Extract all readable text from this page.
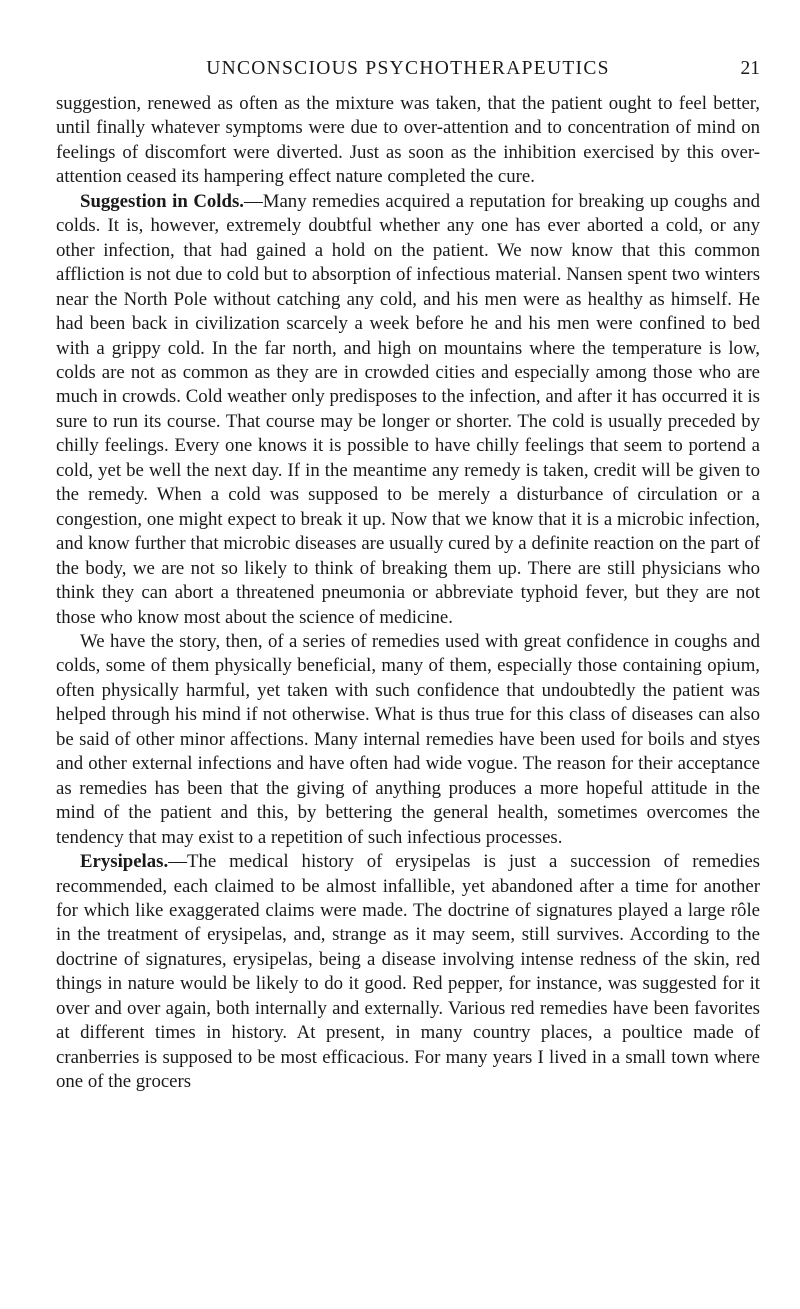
UNCONSCIOUS PSYCHOTHERAPEUTICS	21

suggestion, renewed as often as the mixture was taken, that the patient ought to feel better, until finally whatever symptoms were due to over-attention and to concentration of mind on feelings of discomfort were diverted. Just as soon as the inhibition exercised by this over-attention ceased its hampering effect nature completed the cure.

Suggestion in Colds.—Many remedies acquired a reputation for breaking up coughs and colds. It is, however, extremely doubtful whether any one has ever aborted a cold, or any other infection, that had gained a hold on the patient. We now know that this common affliction is not due to cold but to absorption of infectious material. Nansen spent two winters near the North Pole without catching any cold, and his men were as healthy as himself. He had been back in civilization scarcely a week before he and his men were confined to bed with a grippy cold. In the far north, and high on mountains where the temperature is low, colds are not as common as they are in crowded cities and especially among those who are much in crowds. Cold weather only predisposes to the infection, and after it has occurred it is sure to run its course. That course may be longer or shorter. The cold is usually preceded by chilly feelings. Every one knows it is possible to have chilly feelings that seem to portend a cold, yet be well the next day. If in the meantime any remedy is taken, credit will be given to the remedy. When a cold was supposed to be merely a disturbance of circulation or a congestion, one might expect to break it up. Now that we know that it is a microbic infection, and know further that microbic diseases are usually cured by a definite reaction on the part of the body, we are not so likely to think of breaking them up. There are still physicians who think they can abort a threatened pneumonia or abbreviate typhoid fever, but they are not those who know most about the science of medicine.

We have the story, then, of a series of remedies used with great confidence in coughs and colds, some of them physically beneficial, many of them, especially those containing opium, often physically harmful, yet taken with such confidence that undoubtedly the patient was helped through his mind if not otherwise. What is thus true for this class of diseases can also be said of other minor affections. Many internal remedies have been used for boils and styes and other external infections and have often had wide vogue. The reason for their acceptance as remedies has been that the giving of anything produces a more hopeful attitude in the mind of the patient and this, by bettering the general health, sometimes overcomes the tendency that may exist to a repetition of such infectious processes.

Erysipelas.—The medical history of erysipelas is just a succession of remedies recommended, each claimed to be almost infallible, yet abandoned after a time for another for which like exaggerated claims were made. The doctrine of signatures played a large rôle in the treatment of erysipelas, and, strange as it may seem, still survives. According to the doctrine of signatures, erysipelas, being a disease involving intense redness of the skin, red things in nature would be likely to do it good. Red pepper, for instance, was suggested for it over and over again, both internally and externally. Various red remedies have been favorites at different times in history. At present, in many country places, a poultice made of cranberries is supposed to be most efficacious. For many years I lived in a small town where one of the grocers
